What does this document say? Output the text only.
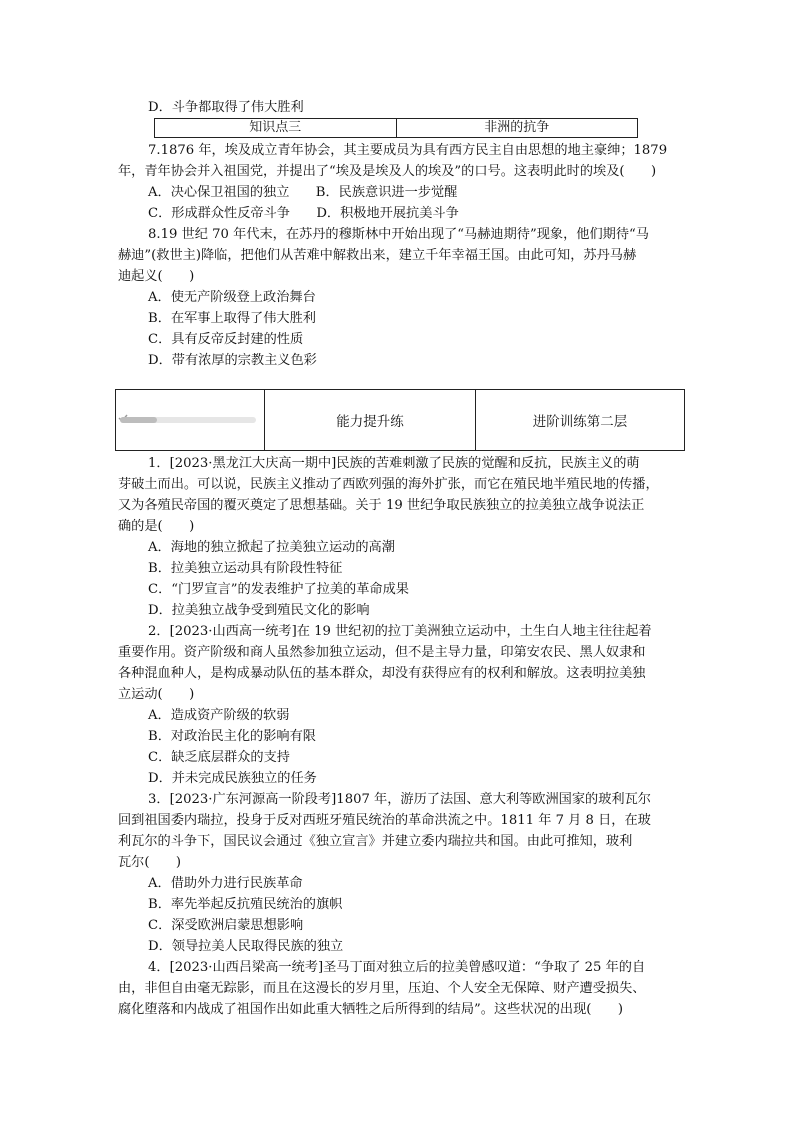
D．斗争都取得了伟大胜利
知识点三	非洲的抗争
7.1876 年，埃及成立青年协会，其主要成员为具有西方民主自由思想的地主豪绅；1879
年，青年协会并入祖国党，并提出了“埃及是埃及人的埃及”的口号。这表明此时的埃及(　　)
A．决心保卫祖国的独立　　B．民族意识进一步觉醒
C．形成群众性反帝斗争　　D．积极地开展抗美斗争
8.19 世纪 70 年代末，在苏丹的穆斯林中开始出现了“马赫迪期待”现象，他们期待“马
赫迪”(救世主)降临，把他们从苦难中解救出来，建立千年幸福王国。由此可知，苏丹马赫
迪起义(　　)
A．使无产阶级登上政治舞台
B．在军事上取得了伟大胜利
C．具有反帝反封建的性质
D．带有浓厚的宗教主义色彩
能力提升练	进阶训练第二层
1．[2023·黑龙江大庆高一期中]民族的苦难刺激了民族的觉醒和反抗，民族主义的萌
芽破土而出。可以说，民族主义推动了西欧列强的海外扩张，而它在殖民地半殖民地的传播，
又为各殖民帝国的覆灭奠定了思想基础。关于 19 世纪争取民族独立的拉美独立战争说法正
确的是(　　)
A．海地的独立掀起了拉美独立运动的高潮
B．拉美独立运动具有阶段性特征
C．“门罗宣言”的发表维护了拉美的革命成果
D．拉美独立战争受到殖民文化的影响
2．[2023·山西高一统考]在 19 世纪初的拉丁美洲独立运动中，土生白人地主往往起着
重要作用。资产阶级和商人虽然参加独立运动，但不是主导力量，印第安农民、黑人奴隶和
各种混血种人，是构成暴动队伍的基本群众，却没有获得应有的权利和解放。这表明拉美独
立运动(　　)
A．造成资产阶级的软弱
B．对政治民主化的影响有限
C．缺乏底层群众的支持
D．并未完成民族独立的任务
3．[2023·广东河源高一阶段考]1807 年，游历了法国、意大利等欧洲国家的玻利瓦尔
回到祖国委内瑞拉，投身于反对西班牙殖民统治的革命洪流之中。1811 年 7 月 8 日，在玻
利瓦尔的斗争下，国民议会通过《独立宣言》并建立委内瑞拉共和国。由此可推知，玻利
瓦尔(　　)
A．借助外力进行民族革命
B．率先举起反抗殖民统治的旗帜
C．深受欧洲启蒙思想影响
D．领导拉美人民取得民族的独立
4．[2023·山西吕梁高一统考]圣马丁面对独立后的拉美曾感叹道：“争取了 25 年的自
由，非但自由毫无踪影，而且在这漫长的岁月里，压迫、个人安全无保障、财产遭受损失、
腐化堕落和内战成了祖国作出如此重大牺牲之后所得到的结局”。这些状况的出现(　　)
